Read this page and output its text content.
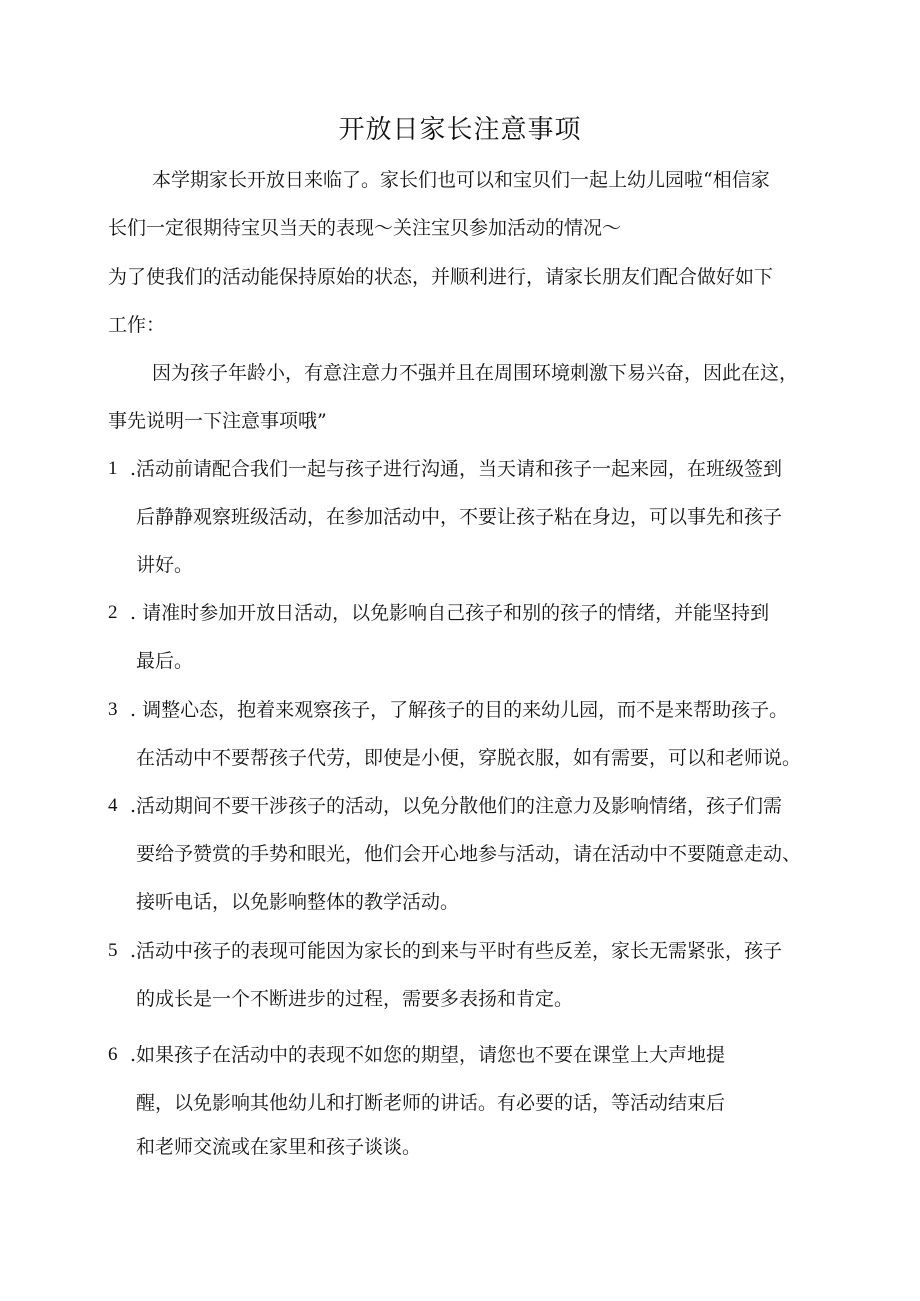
开放日家长注意事项

本学期家长开放日来临了。家长们也可以和宝贝们一起上幼儿园啦“相信家

长们一定很期待宝贝当天的表现～关注宝贝参加活动的情况～

为了使我们的活动能保持原始的状态，并顺利进行，请家长朋友们配合做好如下

工作：

因为孩子年龄小，有意注意力不强并且在周围环境刺激下易兴奋，因此在这，

事先说明一下注意事项哦”

1 .活动前请配合我们一起与孩子进行沟通，当天请和孩子一起来园，在班级签到

后静静观察班级活动，在参加活动中，不要让孩子粘在身边，可以事先和孩子

讲好。

2 . 请准时参加开放日活动，以免影响自己孩子和别的孩子的情绪，并能坚持到

最后。

3 . 调整心态，抱着来观察孩子，了解孩子的目的来幼儿园，而不是来帮助孩子。

在活动中不要帮孩子代劳，即使是小便，穿脱衣服，如有需要，可以和老师说。

4 .活动期间不要干涉孩子的活动，以免分散他们的注意力及影响情绪，孩子们需

要给予赞赏的手势和眼光，他们会开心地参与活动，请在活动中不要随意走动、

接听电话，以免影响整体的教学活动。

5 .活动中孩子的表现可能因为家长的到来与平时有些反差，家长无需紧张，孩子

的成长是一个不断进步的过程，需要多表扬和肯定。

6 .如果孩子在活动中的表现不如您的期望，请您也不要在课堂上大声地提

醒，以免影响其他幼儿和打断老师的讲话。有必要的话，等活动结束后

和老师交流或在家里和孩子谈谈。
